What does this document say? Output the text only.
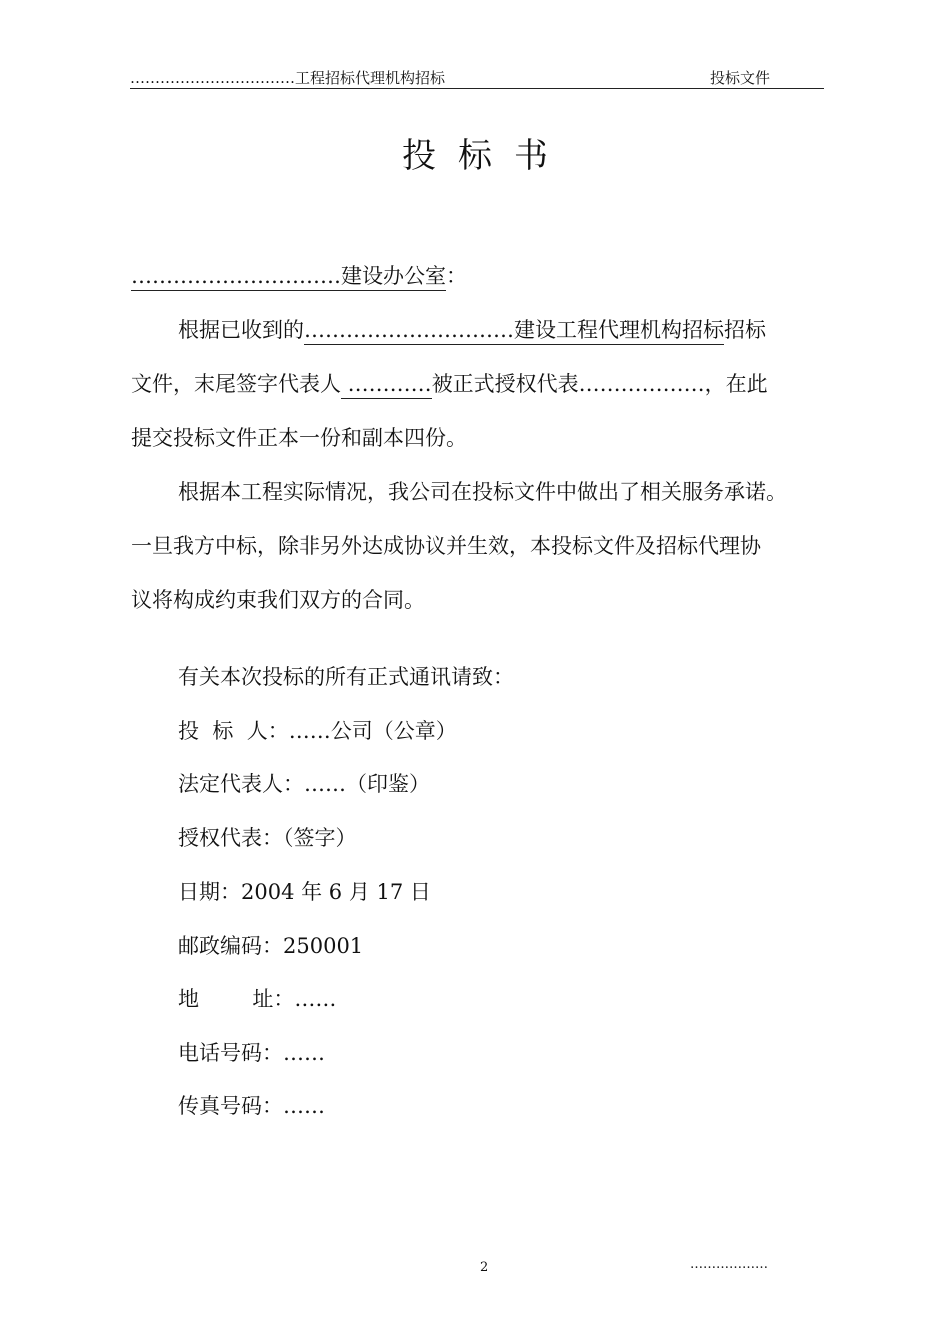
……………………………工程招标代理机构招标	投标文件
投标书
…………………………建设办公室：
根据已收到的…………………………建设工程代理机构招标招标
文件，末尾签字代表人 …………被正式授权代表………………，在此
提交投标文件正本一份和副本四份。
根据本工程实际情况，我公司在投标文件中做出了相关服务承诺。
一旦我方中标，除非另外达成协议并生效，本投标文件及招标代理协
议将构成约束我们双方的合同。
有关本次投标的所有正式通讯请致：
投  标  人：……公司（公章）
法定代表人：……（印鉴）
授权代表：（签字）
日期：2004 年 6 月 17 日
邮政编码：250001
地        址：……
电话号码：……
传真号码：……
2	………………
